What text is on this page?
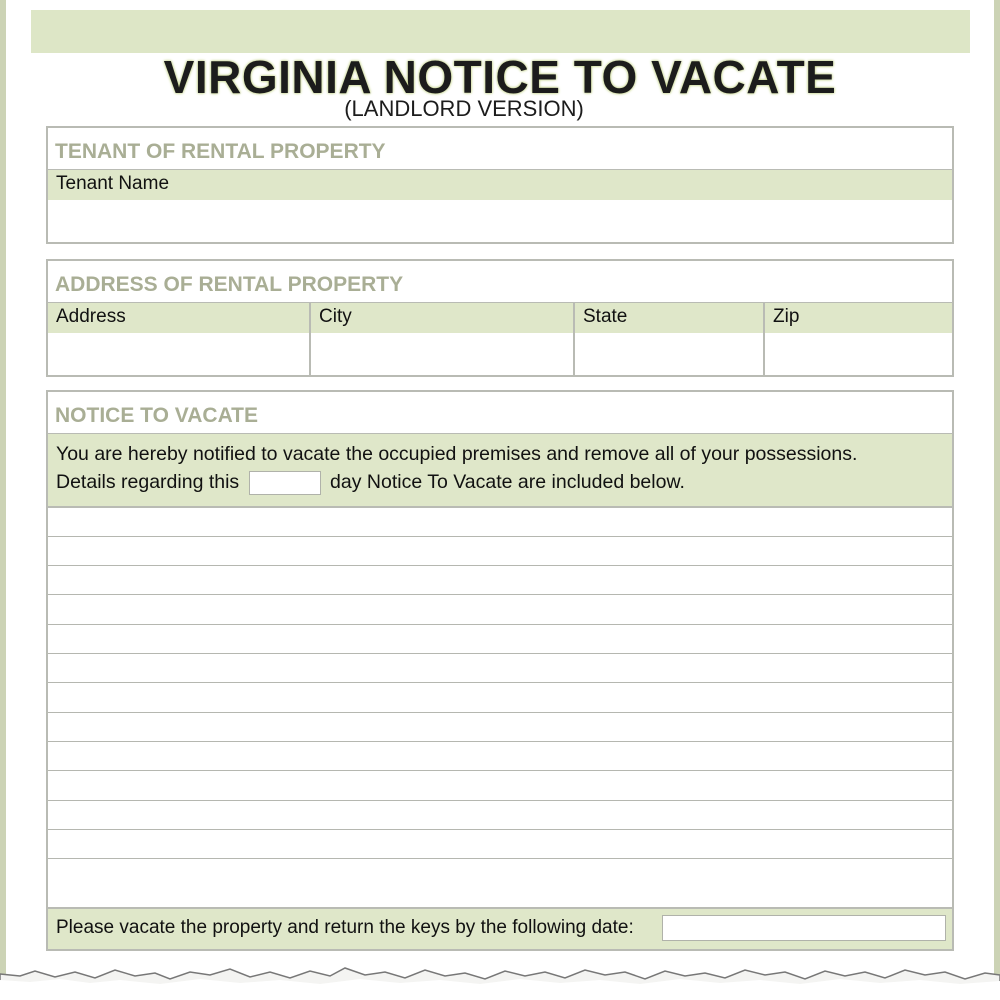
VIRGINIA NOTICE TO VACATE

(LANDLORD VERSION)

TENANT OF RENTAL PROPERTY
Tenant Name
ADDRESS OF RENTAL PROPERTY
Address	City	State	Zip
NOTICE TO VACATE
You are hereby notified to vacate the occupied premises and remove all of your possessions.
Details regarding this	day Notice To Vacate are included below.
Please vacate the property and return the keys by the following date:
